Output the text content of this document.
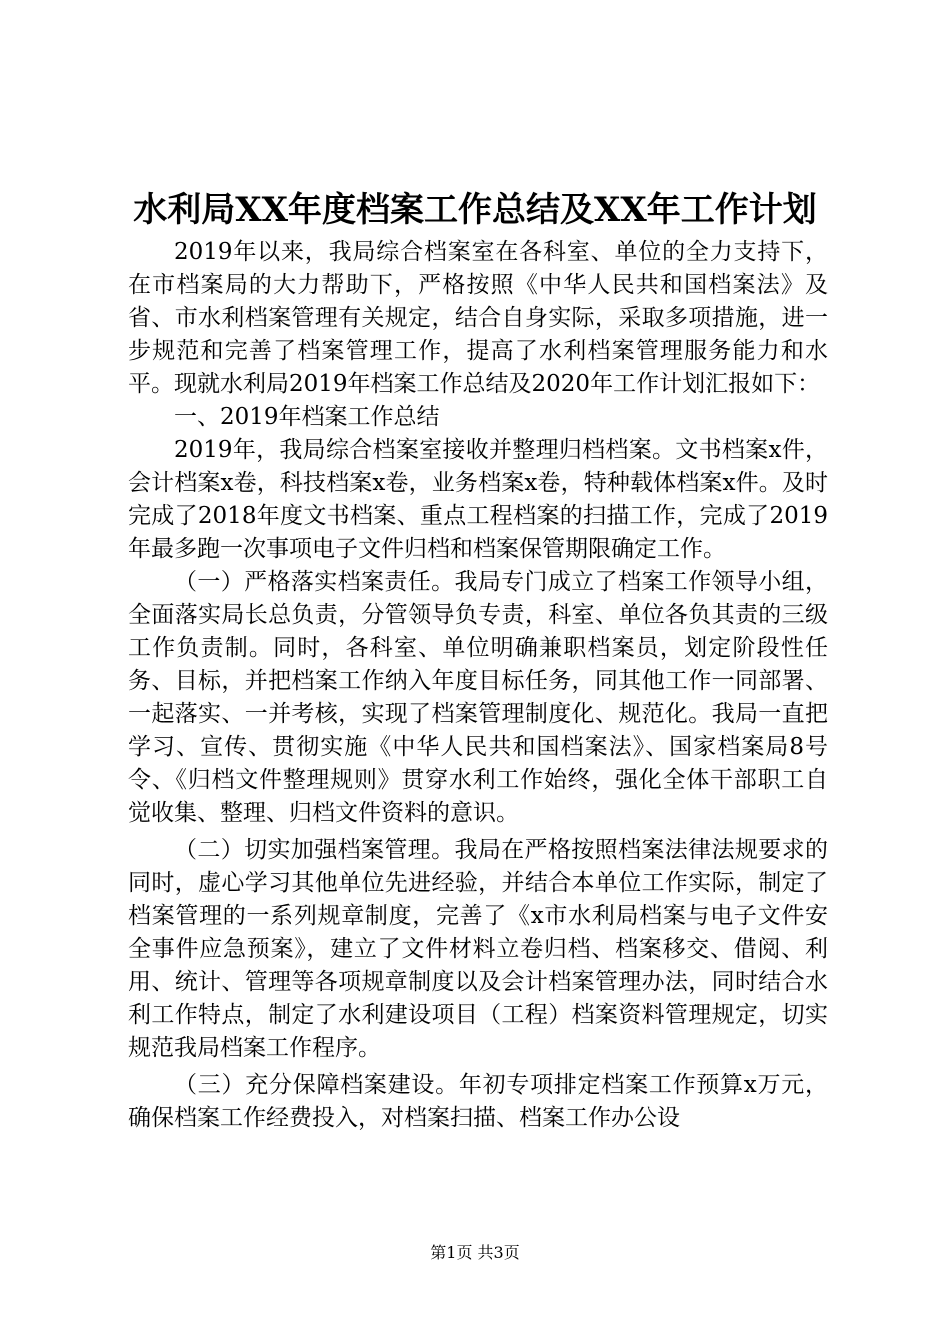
水利局XX年度档案工作总结及XX年工作计划

2019年以来，我局综合档案室在各科室、单位的全力支持下，在市档案局的大力帮助下，严格按照《中华人民共和国档案法》及省、市水利档案管理有关规定，结合自身实际，采取多项措施，进一步规范和完善了档案管理工作，提高了水利档案管理服务能力和水平。现就水利局2019年档案工作总结及2020年工作计划汇报如下：

一、2019年档案工作总结

2019年，我局综合档案室接收并整理归档档案。文书档案x件，会计档案x卷，科技档案x卷，业务档案x卷，特种载体档案x件。及时完成了2018年度文书档案、重点工程档案的扫描工作，完成了2019年最多跑一次事项电子文件归档和档案保管期限确定工作。

（一）严格落实档案责任。我局专门成立了档案工作领导小组，全面落实局长总负责，分管领导负专责，科室、单位各负其责的三级工作负责制。同时，各科室、单位明确兼职档案员，划定阶段性任务、目标，并把档案工作纳入年度目标任务，同其他工作一同部署、一起落实、一并考核，实现了档案管理制度化、规范化。我局一直把学习、宣传、贯彻实施《中华人民共和国档案法》、国家档案局8号令、《归档文件整理规则》贯穿水利工作始终，强化全体干部职工自觉收集、整理、归档文件资料的意识。

（二）切实加强档案管理。我局在严格按照档案法律法规要求的同时，虚心学习其他单位先进经验，并结合本单位工作实际，制定了档案管理的一系列规章制度，完善了《x市水利局档案与电子文件安全事件应急预案》，建立了文件材料立卷归档、档案移交、借阅、利用、统计、管理等各项规章制度以及会计档案管理办法，同时结合水利工作特点，制定了水利建设项目（工程）档案资料管理规定，切实规范我局档案工作程序。

（三）充分保障档案建设。年初专项排定档案工作预算x万元，确保档案工作经费投入，对档案扫描、档案工作办公设

第1页 共3页
